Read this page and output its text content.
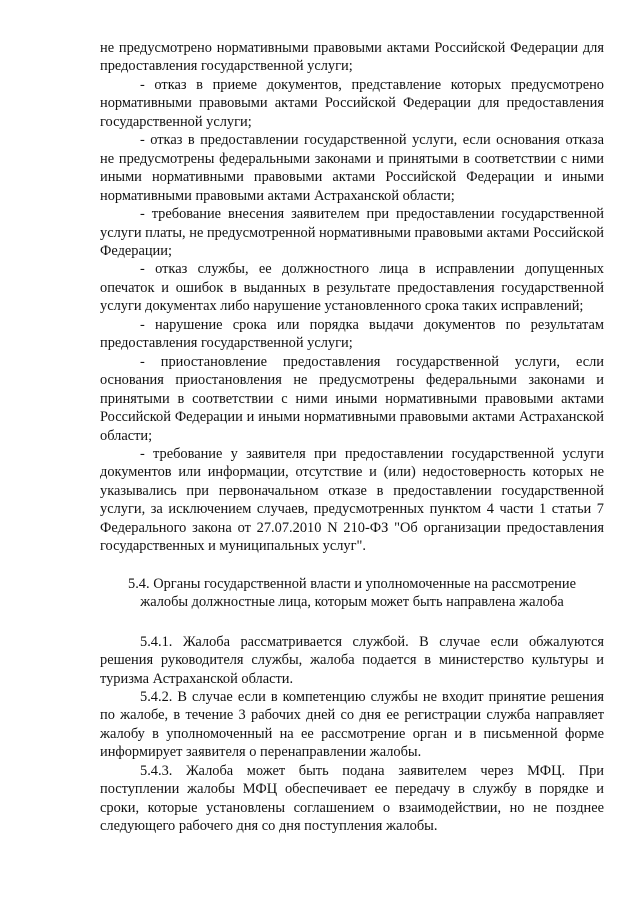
не предусмотрено нормативными правовыми актами Российской Федерации для предоставления государственной услуги;

- отказ в приеме документов, представление которых предусмотрено нормативными правовыми актами Российской Федерации для предоставления государственной услуги;

- отказ в предоставлении государственной услуги, если основания отказа не предусмотрены федеральными законами и принятыми в соответствии с ними иными нормативными правовыми актами Российской Федерации и иными нормативными правовыми актами Астраханской области;

- требование внесения заявителем при предоставлении государственной услуги платы, не предусмотренной нормативными правовыми актами Российской Федерации;

- отказ службы, ее должностного лица в исправлении допущенных опечаток и ошибок в выданных в результате предоставления государственной услуги документах либо нарушение установленного срока таких исправлений;

- нарушение срока или порядка выдачи документов по результатам предоставления государственной услуги;

- приостановление предоставления государственной услуги, если основания приостановления не предусмотрены федеральными законами и принятыми в соответствии с ними иными нормативными правовыми актами Российской Федерации и иными нормативными правовыми актами Астраханской области;

- требование у заявителя при предоставлении государственной услуги документов или информации, отсутствие и (или) недостоверность которых не указывались при первоначальном отказе в предоставлении государственной услуги, за исключением случаев, предусмотренных пунктом 4 части 1 статьи 7 Федерального закона от 27.07.2010 N 210-ФЗ "Об организации предоставления государственных и муниципальных услуг".

5.4. Органы государственной власти и уполномоченные на рассмотрение жалобы должностные лица, которым может быть направлена жалоба

5.4.1. Жалоба рассматривается службой. В случае если обжалуются решения руководителя службы, жалоба подается в министерство культуры и туризма Астраханской области.

5.4.2. В случае если в компетенцию службы не входит принятие решения по жалобе, в течение 3 рабочих дней со дня ее регистрации служба направляет жалобу в уполномоченный на ее рассмотрение орган и в письменной форме информирует заявителя о перенаправлении жалобы.

5.4.3. Жалоба может быть подана заявителем через МФЦ. При поступлении жалобы МФЦ обеспечивает ее передачу в службу в порядке и сроки, которые установлены соглашением о взаимодействии, но не позднее следующего рабочего дня со дня поступления жалобы.
